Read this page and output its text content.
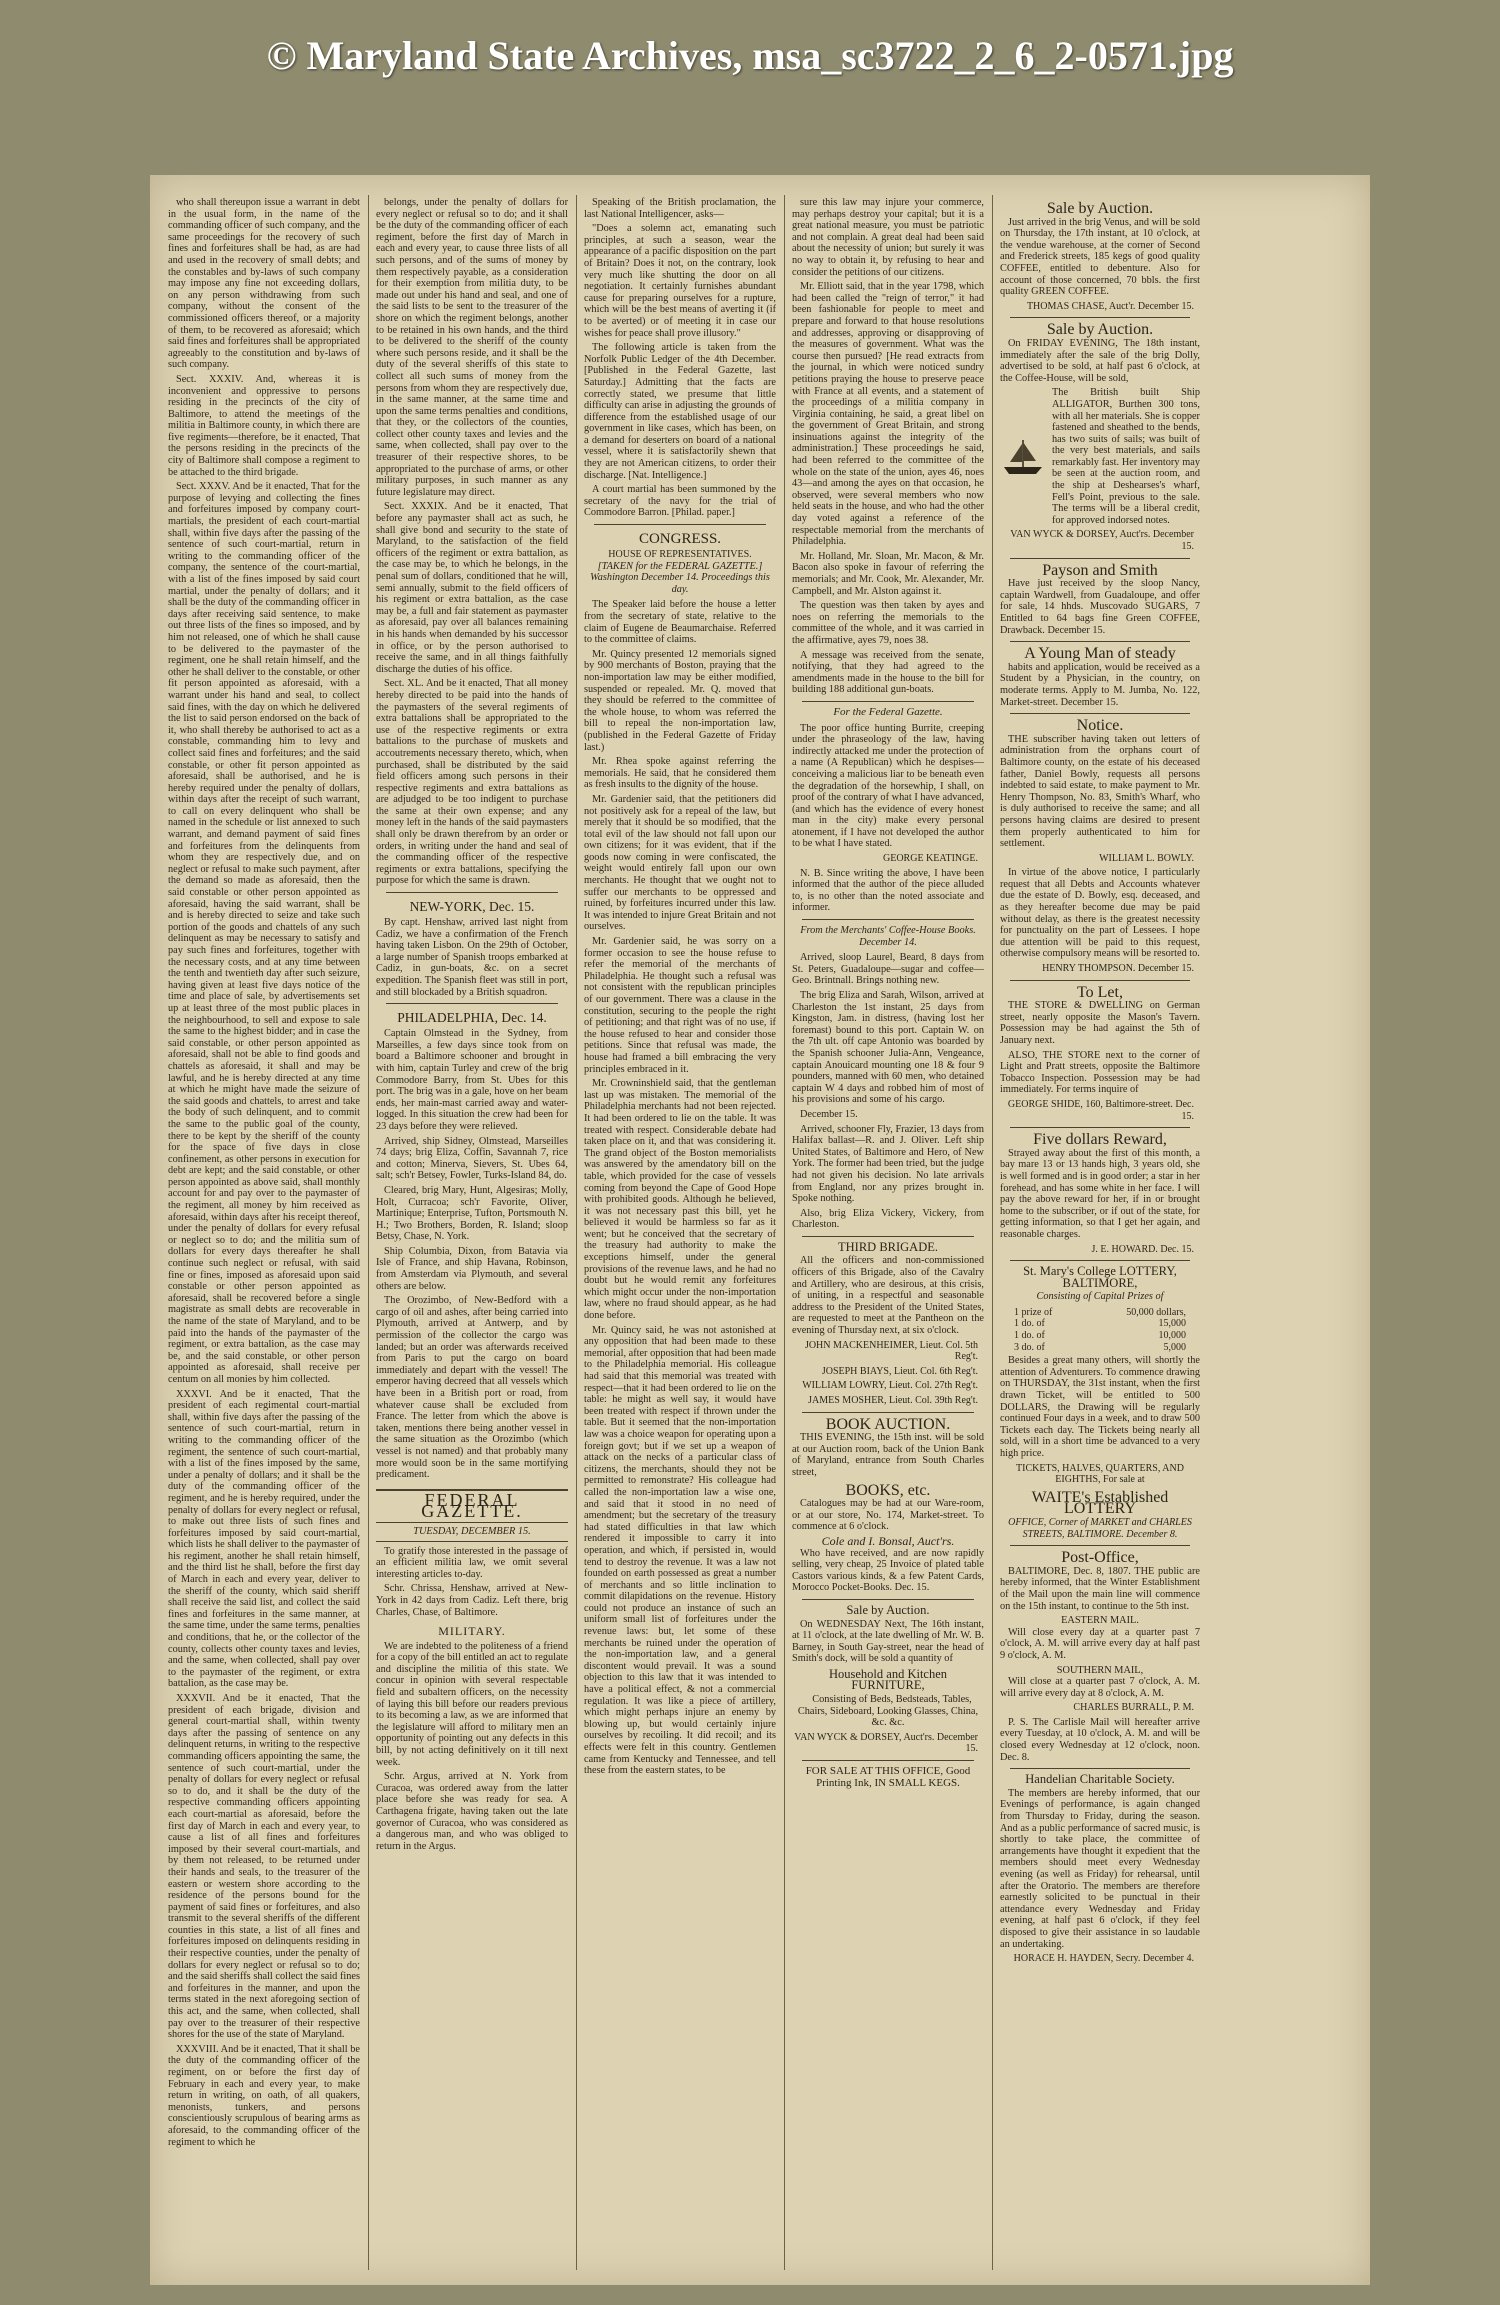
© Maryland State Archives, msa_sc3722_2_6_2-0571.jpg

who shall thereupon issue a warrant in debt in the usual form, in the name of the commanding officer of such company, and the same proceedings for the recovery of such fines and forfeitures shall be had, as are had and used in the recovery of small debts; and the constables and by-laws of such company may impose any fine not exceeding dollars, on any person withdrawing from such company, without the consent of the commissioned officers thereof, or a majority of them, to be recovered as aforesaid; which said fines and forfeitures shall be appropriated agreeably to the constitution and by-laws of such company.

Sect. XXXIV. And, whereas it is inconvenient and oppressive to persons residing in the precincts of the city of Baltimore, to attend the meetings of the militia in Baltimore county, in which there are five regiments—therefore, be it enacted, That the persons residing in the precincts of the city of Baltimore shall compose a regiment to be attached to the third brigade.

Sect. XXXV. And be it enacted, That for the purpose of levying and collecting the fines and forfeitures imposed by company court-martials, the president of each court-martial shall, within five days after the passing of the sentence of such court-martial, return in writing to the commanding officer of the company, the sentence of the court-martial, with a list of the fines imposed by said court martial, under the penalty of dollars; and it shall be the duty of the commanding officer in days after receiving said sentence, to make out three lists of the fines so imposed, and by him not released, one of which he shall cause to be delivered to the paymaster of the regiment, one he shall retain himself, and the other he shall deliver to the constable, or other fit person appointed as aforesaid, with a warrant under his hand and seal, to collect said fines, with the day on which he delivered the list to said person endorsed on the back of it, who shall thereby be authorised to act as a constable, commanding him to levy and collect said fines and forfeitures; and the said constable, or other fit person appointed as aforesaid, shall be authorised, and he is hereby required under the penalty of dollars, within days after the receipt of such warrant, to call on every delinquent who shall be named in the schedule or list annexed to such warrant, and demand payment of said fines and forfeitures from the delinquents from whom they are respectively due, and on neglect or refusal to make such payment, after the demand so made as aforesaid, then the said constable or other person appointed as aforesaid, having the said warrant, shall be and is hereby directed to seize and take such portion of the goods and chattels of any such delinquent as may be necessary to satisfy and pay such fines and forfeitures, together with the necessary costs, and at any time between the tenth and twentieth day after such seizure, having given at least five days notice of the time and place of sale, by advertisements set up at least three of the most public places in the neighbourhood, to sell and expose to sale the same to the highest bidder; and in case the said constable, or other person appointed as aforesaid, shall not be able to find goods and chattels as aforesaid, it shall and may be lawful, and he is hereby directed at any time at which he might have made the seizure of the said goods and chattels, to arrest and take the body of such delinquent, and to commit the same to the public goal of the county, there to be kept by the sheriff of the county for the space of five days in close confinement, as other persons in execution for debt are kept; and the said constable, or other person appointed as above said, shall monthly account for and pay over to the paymaster of the regiment, all money by him received as aforesaid, within days after his receipt thereof, under the penalty of dollars for every refusal or neglect so to do; and the militia sum of dollars for every days thereafter he shall continue such neglect or refusal, with said fine or fines, imposed as aforesaid upon said constable or other person appointed as aforesaid, shall be recovered before a single magistrate as small debts are recoverable in the name of the state of Maryland, and to be paid into the hands of the paymaster of the regiment, or extra battalion, as the case may be, and the said constable, or other person appointed as aforesaid, shall receive per centum on all monies by him collected.

XXXVI. And be it enacted, That the president of each regimental court-martial shall, within five days after the passing of the sentence of such court-martial, return in writing to the commanding officer of the regiment, the sentence of such court-martial, with a list of the fines imposed by the same, under a penalty of dollars; and it shall be the duty of the commanding officer of the regiment, and he is hereby required, under the penalty of dollars for every neglect or refusal, to make out three lists of such fines and forfeitures imposed by said court-martial, which lists he shall deliver to the paymaster of his regiment, another he shall retain himself, and the third list he shall, before the first day of March in each and every year, deliver to the sheriff of the county, which said sheriff shall receive the said list, and collect the said fines and forfeitures in the same manner, at the same time, under the same terms, penalties and conditions, that he, or the collector of the county, collects other county taxes and levies, and the same, when collected, shall pay over to the paymaster of the regiment, or extra battalion, as the case may be.

XXXVII. And be it enacted, That the president of each brigade, division and general court-martial shall, within twenty days after the passing of sentence on any delinquent returns, in writing to the respective commanding officers appointing the same, the sentence of such court-martial, under the penalty of dollars for every neglect or refusal so to do, and it shall be the duty of the respective commanding officers appointing each court-martial as aforesaid, before the first day of March in each and every year, to cause a list of all fines and forfeitures imposed by their several court-martials, and by them not released, to be returned under their hands and seals, to the treasurer of the eastern or western shore according to the residence of the persons bound for the payment of said fines or forfeitures, and also transmit to the several sheriffs of the different counties in this state, a list of all fines and forfeitures imposed on delinquents residing in their respective counties, under the penalty of dollars for every neglect or refusal so to do; and the said sheriffs shall collect the said fines and forfeitures in the manner, and upon the terms stated in the next aforegoing section of this act, and the same, when collected, shall pay over to the treasurer of their respective shores for the use of the state of Maryland.

XXXVIII. And be it enacted, That it shall be the duty of the commanding officer of the regiment, on or before the first day of February in each and every year, to make return in writing, on oath, of all quakers, menonists, tunkers, and persons conscientiously scrupulous of bearing arms as aforesaid, to the commanding officer of the regiment to which he

belongs, under the penalty of dollars for every neglect or refusal so to do; and it shall be the duty of the commanding officer of each regiment, before the first day of March in each and every year, to cause three lists of all such persons, and of the sums of money by them respectively payable, as a consideration for their exemption from militia duty, to be made out under his hand and seal, and one of the said lists to be sent to the treasurer of the shore on which the regiment belongs, another to be retained in his own hands, and the third to be delivered to the sheriff of the county where such persons reside, and it shall be the duty of the several sheriffs of this state to collect all such sums of money from the persons from whom they are respectively due, in the same manner, at the same time and upon the same terms penalties and conditions, that they, or the collectors of the counties, collect other county taxes and levies and the same, when collected, shall pay over to the treasurer of their respective shores, to be appropriated to the purchase of arms, or other military purposes, in such manner as any future legislature may direct.

Sect. XXXIX. And be it enacted, That before any paymaster shall act as such, he shall give bond and security to the state of Maryland, to the satisfaction of the field officers of the regiment or extra battalion, as the case may be, to which he belongs, in the penal sum of dollars, conditioned that he will, semi annually, submit to the field officers of his regiment or extra battalion, as the case may be, a full and fair statement as paymaster as aforesaid, pay over all balances remaining in his hands when demanded by his successor in office, or by the person authorised to receive the same, and in all things faithfully discharge the duties of his office.

Sect. XL. And be it enacted, That all money hereby directed to be paid into the hands of the paymasters of the several regiments of extra battalions shall be appropriated to the use of the respective regiments or extra battalions to the purchase of muskets and accoutrements necessary thereto, which, when purchased, shall be distributed by the said field officers among such persons in their respective regiments and extra battalions as are adjudged to be too indigent to purchase the same at their own expense; and any money left in the hands of the said paymasters shall only be drawn therefrom by an order or orders, in writing under the hand and seal of the commanding officer of the respective regiments or extra battalions, specifying the purpose for which the same is drawn.

NEW-YORK, Dec. 15.

By capt. Henshaw, arrived last night from Cadiz, we have a confirmation of the French having taken Lisbon. On the 29th of October, a large number of Spanish troops embarked at Cadiz, in gun-boats, &c. on a secret expedition. The Spanish fleet was still in port, and still blockaded by a British squadron.

PHILADELPHIA, Dec. 14.

Captain Olmstead in the Sydney, from Marseilles, a few days since took from on board a Baltimore schooner and brought in with him, captain Turley and crew of the brig Commodore Barry, from St. Ubes for this port. The brig was in a gale, hove on her beam ends, her main-mast carried away and water-logged. In this situation the crew had been for 23 days before they were relieved.

Arrived, ship Sidney, Olmstead, Marseilles 74 days; brig Eliza, Coffin, Savannah 7, rice and cotton; Minerva, Sievers, St. Ubes 64, salt; sch'r Betsey, Fowler, Turks-Island 84, do.

Cleared, brig Mary, Hunt, Algesiras; Molly, Holt, Curracoa; sch'r Favorite, Oliver, Martinique; Enterprise, Tufton, Portsmouth N. H.; Two Brothers, Borden, R. Island; sloop Betsy, Chase, N. York.

Ship Columbia, Dixon, from Batavia via Isle of France, and ship Havana, Robinson, from Amsterdam via Plymouth, and several others are below.

The Orozimbo, of New-Bedford with a cargo of oil and ashes, after being carried into Plymouth, arrived at Antwerp, and by permission of the collector the cargo was landed; but an order was afterwards received from Paris to put the cargo on board immediately and depart with the vessel! The emperor having decreed that all vessels which have been in a British port or road, from whatever cause shall be excluded from France. The letter from which the above is taken, mentions there being another vessel in the same situation as the Orozimbo (which vessel is not named) and that probably many more would soon be in the same mortifying predicament.

FEDERAL GAZETTE.
TUESDAY, DECEMBER 15.

To gratify those interested in the passage of an efficient militia law, we omit several interesting articles to-day.

Schr. Chrissa, Henshaw, arrived at New-York in 42 days from Cadiz. Left there, brig Charles, Chase, of Baltimore.

MILITARY.

We are indebted to the politeness of a friend for a copy of the bill entitled an act to regulate and discipline the militia of this state. We concur in opinion with several respectable field and subaltern officers, on the necessity of laying this bill before our readers previous to its becoming a law, as we are informed that the legislature will afford to military men an opportunity of pointing out any defects in this bill, by not acting definitively on it till next week.

Schr. Argus, arrived at N. York from Curacoa, was ordered away from the latter place before she was ready for sea. A Carthagena frigate, having taken out the late governor of Curacoa, who was considered as a dangerous man, and who was obliged to return in the Argus.

Speaking of the British proclamation, the last National Intelligencer, asks—

"Does a solemn act, emanating such principles, at such a season, wear the appearance of a pacific disposition on the part of Britain? Does it not, on the contrary, look very much like shutting the door on all negotiation. It certainly furnishes abundant cause for preparing ourselves for a rupture, which will be the best means of averting it (if to be averted) or of meeting it in case our wishes for peace shall prove illusory."

The following article is taken from the Norfolk Public Ledger of the 4th December. [Published in the Federal Gazette, last Saturday.] Admitting that the facts are correctly stated, we presume that little difficulty can arise in adjusting the grounds of difference from the established usage of our government in like cases, which has been, on a demand for deserters on board of a national vessel, where it is satisfactorily shewn that they are not American citizens, to order their discharge. [Nat. Intelligence.]

A court martial has been summoned by the secretary of the navy for the trial of Commodore Barron. [Philad. paper.]

CONGRESS.
HOUSE OF REPRESENTATIVES.
[TAKEN for the FEDERAL GAZETTE.] Washington December 14. Proceedings this day.

The Speaker laid before the house a letter from the secretary of state, relative to the claim of Eugene de Beaumarchaise. Referred to the committee of claims.

Mr. Quincy presented 12 memorials signed by 900 merchants of Boston, praying that the non-importation law may be either modified, suspended or repealed. Mr. Q. moved that they should be referred to the committee of the whole house, to whom was referred the bill to repeal the non-importation law, (published in the Federal Gazette of Friday last.)

Mr. Rhea spoke against referring the memorials. He said, that he considered them as fresh insults to the dignity of the house.

Mr. Gardenier said, that the petitioners did not positively ask for a repeal of the law, but merely that it should be so modified, that the total evil of the law should not fall upon our own citizens; for it was evident, that if the goods now coming in were confiscated, the weight would entirely fall upon our own merchants. He thought that we ought not to suffer our merchants to be oppressed and ruined, by forfeitures incurred under this law. It was intended to injure Great Britain and not ourselves.

Mr. Gardenier said, he was sorry on a former occasion to see the house refuse to refer the memorial of the merchants of Philadelphia. He thought such a refusal was not consistent with the republican principles of our government. There was a clause in the constitution, securing to the people the right of petitioning; and that right was of no use, if the house refused to hear and consider those petitions. Since that refusal was made, the house had framed a bill embracing the very principles embraced in it.

Mr. Crowninshield said, that the gentleman last up was mistaken. The memorial of the Philadelphia merchants had not been rejected. It had been ordered to lie on the table. It was treated with respect. Considerable debate had taken place on it, and that was considering it. The grand object of the Boston memorialists was answered by the amendatory bill on the table, which provided for the case of vessels coming from beyond the Cape of Good Hope with prohibited goods. Although he believed, it was not necessary past this bill, yet he believed it would be harmless so far as it went; but he conceived that the secretary of the treasury had authority to make the exceptions himself, under the general provisions of the revenue laws, and he had no doubt but he would remit any forfeitures which might occur under the non-importation law, where no fraud should appear, as he had done before.

Mr. Quincy said, he was not astonished at any opposition that had been made to these memorial, after opposition that had been made to the Philadelphia memorial. His colleague had said that this memorial was treated with respect—that it had been ordered to lie on the table: he might as well say, it would have been treated with respect if thrown under the table. But it seemed that the non-importation law was a choice weapon for operating upon a foreign govt; but if we set up a weapon of attack on the necks of a particular class of citizens, the merchants, should they not be permitted to remonstrate? His colleague had called the non-importation law a wise one, and said that it stood in no need of amendment; but the secretary of the treasury had stated difficulties in that law which rendered it impossible to carry it into operation, and which, if persisted in, would tend to destroy the revenue. It was a law not founded on earth possessed as great a number of merchants and so little inclination to commit dilapidations on the revenue. History could not produce an instance of such an uniform small list of forfeitures under the revenue laws: but, let some of these merchants be ruined under the operation of the non-importation law, and a general discontent would prevail. It was a sound objection to this law that it was intended to have a political effect, & not a commercial regulation. It was like a piece of artillery, which might perhaps injure an enemy by blowing up, but would certainly injure ourselves by recoiling. It did recoil; and its effects were felt in this country. Gentlemen came from Kentucky and Tennessee, and tell these from the eastern states, to be

sure this law may injure your commerce, may perhaps destroy your capital; but it is a great national measure, you must be patriotic and not complain. A great deal had been said about the necessity of union; but surely it was no way to obtain it, by refusing to hear and consider the petitions of our citizens.

Mr. Elliott said, that in the year 1798, which had been called the "reign of terror," it had been fashionable for people to meet and prepare and forward to that house resolutions and addresses, approving or disapproving of the measures of government. What was the course then pursued? [He read extracts from the journal, in which were noticed sundry petitions praying the house to preserve peace with France at all events, and a statement of the proceedings of a militia company in Virginia containing, he said, a great libel on the government of Great Britain, and strong insinuations against the integrity of the administration.] These proceedings he said, had been referred to the committee of the whole on the state of the union, ayes 46, noes 43—and among the ayes on that occasion, he observed, were several members who now held seats in the house, and who had the other day voted against a reference of the respectable memorial from the merchants of Philadelphia.

Mr. Holland, Mr. Sloan, Mr. Macon, & Mr. Bacon also spoke in favour of referring the memorials; and Mr. Cook, Mr. Alexander, Mr. Campbell, and Mr. Alston against it.

The question was then taken by ayes and noes on referring the memorials to the committee of the whole, and it was carried in the affirmative, ayes 79, noes 38.

A message was received from the senate, notifying, that they had agreed to the amendments made in the house to the bill for building 188 additional gun-boats.

For the Federal Gazette.

The poor office hunting Burrite, creeping under the phraseology of the law, having indirectly attacked me under the protection of a name (A Republican) which he despises—conceiving a malicious liar to be beneath even the degradation of the horsewhip, I shall, on proof of the contrary of what I have advanced, (and which has the evidence of every honest man in the city) make every personal atonement, if I have not developed the author to be what I have stated.

GEORGE KEATINGE.

N. B. Since writing the above, I have been informed that the author of the piece alluded to, is no other than the noted associate and informer.

From the Merchants' Coffee-House Books. December 14.

Arrived, sloop Laurel, Beard, 8 days from St. Peters, Guadaloupe—sugar and coffee—Geo. Brintnall. Brings nothing new.

The brig Eliza and Sarah, Wilson, arrived at Charleston the 1st instant, 25 days from Kingston, Jam. in distress, (having lost her foremast) bound to this port. Captain W. on the 7th ult. off cape Antonio was boarded by the Spanish schooner Julia-Ann, Vengeance, captain Anouicard mounting one 18 & four 9 pounders, manned with 60 men, who detained captain W 4 days and robbed him of most of his provisions and some of his cargo.

December 15.

Arrived, schooner Fly, Frazier, 13 days from Halifax ballast—R. and J. Oliver. Left ship United States, of Baltimore and Hero, of New York. The former had been tried, but the judge had not given his decision. No late arrivals from England, nor any prizes brought in. Spoke nothing.

Also, brig Eliza Vickery, Vickery, from Charleston.

THIRD BRIGADE.

All the officers and non-commissioned officers of this Brigade, also of the Cavalry and Artillery, who are desirous, at this crisis, of uniting, in a respectful and seasonable address to the President of the United States, are requested to meet at the Pantheon on the evening of Thursday next, at six o'clock.

JOHN MACKENHEIMER, Lieut. Col. 5th Reg't.
JOSEPH BIAYS, Lieut. Col. 6th Reg't.
WILLIAM LOWRY, Lieut. Col. 27th Reg't.
JAMES MOSHER, Lieut. Col. 39th Reg't.
BOOK AUCTION.

THIS EVENING, the 15th inst. will be sold at our Auction room, back of the Union Bank of Maryland, entrance from South Charles street,

BOOKS, etc.

Catalogues may be had at our Ware-room, or at our store, No. 174, Market-street. To commence at 6 o'clock.

Cole and I. Bonsal, Auct'rs.

Who have received, and are now rapidly selling, very cheap, 25 Invoice of plated table Castors various kinds, & a few Patent Cards, Morocco Pocket-Books. Dec. 15.

Sale by Auction.

On WEDNESDAY Next, The 16th instant, at 11 o'clock, at the late dwelling of Mr. W. B. Barney, in South Gay-street, near the head of Smith's dock, will be sold a quantity of

Household and Kitchen FURNITURE,

Consisting of Beds, Bedsteads, Tables, Chairs, Sideboard, Looking Glasses, China, &c. &c.

VAN WYCK & DORSEY, Auct'rs. December 15.
FOR SALE AT THIS OFFICE, Good Printing Ink, IN SMALL KEGS.
Sale by Auction.

Just arrived in the brig Venus, and will be sold on Thursday, the 17th instant, at 10 o'clock, at the vendue warehouse, at the corner of Second and Frederick streets, 185 kegs of good quality COFFEE, entitled to debenture. Also for account of those concerned, 70 bbls. the first quality GREEN COFFEE.

THOMAS CHASE, Auct'r. December 15.
Sale by Auction.

On FRIDAY EVENING, The 18th instant, immediately after the sale of the brig Dolly, advertised to be sold, at half past 6 o'clock, at the Coffee-House, will be sold,

The British built Ship ALLIGATOR, Burthen 300 tons, with all her materials. She is copper fastened and sheathed to the bends, has two suits of sails; was built of the very best materials, and sails remarkably fast. Her inventory may be seen at the auction room, and the ship at Deshearses's wharf, Fell's Point, previous to the sale. The terms will be a liberal credit, for approved indorsed notes.

VAN WYCK & DORSEY, Auct'rs. December 15.
Payson and Smith

Have just received by the sloop Nancy, captain Wardwell, from Guadaloupe, and offer for sale, 14 hhds. Muscovado SUGARS, 7 Entitled to 64 bags fine Green COFFEE, Drawback. December 15.

A Young Man of steady

habits and application, would be received as a Student by a Physician, in the country, on moderate terms. Apply to M. Jumba, No. 122, Market-street. December 15.

Notice.

THE subscriber having taken out letters of administration from the orphans court of Baltimore county, on the estate of his deceased father, Daniel Bowly, requests all persons indebted to said estate, to make payment to Mr. Henry Thompson, No. 83, Smith's Wharf, who is duly authorised to receive the same; and all persons having claims are desired to present them properly authenticated to him for settlement.

WILLIAM L. BOWLY.

In virtue of the above notice, I particularly request that all Debts and Accounts whatever due the estate of D. Bowly, esq. deceased, and as they hereafter become due may be paid without delay, as there is the greatest necessity for punctuality on the part of Lessees. I hope due attention will be paid to this request, otherwise compulsory means will be resorted to.

HENRY THOMPSON. December 15.
To Let,

THE STORE & DWELLING on German street, nearly opposite the Mason's Tavern. Possession may be had against the 5th of January next.

ALSO, THE STORE next to the corner of Light and Pratt streets, opposite the Baltimore Tobacco Inspection. Possession may be had immediately. For terms inquire of

GEORGE SHIDE, 160, Baltimore-street. Dec. 15.
Five dollars Reward,

Strayed away about the first of this month, a bay mare 13 or 13 hands high, 3 years old, she is well formed and is in good order; a star in her forehead, and has some white in her face. I will pay the above reward for her, if in or brought home to the subscriber, or if out of the state, for getting information, so that I get her again, and reasonable charges.

J. E. HOWARD. Dec. 15.
St. Mary's College LOTTERY, BALTIMORE,
Consisting of Capital Prizes of
1 prize of	50,000 dollars,
1 do. of	15,000
1 do. of	10,000
3 do. of	5,000

Besides a great many others, will shortly the attention of Adventurers. To commence drawing on THURSDAY, the 31st instant, when the first drawn Ticket, will be entitled to 500 DOLLARS, the Drawing will be regularly continued Four days in a week, and to draw 500 Tickets each day. The Tickets being nearly all sold, will in a short time be advanced to a very high price.

TICKETS, HALVES, QUARTERS, AND EIGHTHS, For sale at
WAITE's Established LOTTERY
OFFICE, Corner of MARKET and CHARLES STREETS, BALTIMORE. December 8.
Post-Office,

BALTIMORE, Dec. 8, 1807. THE public are hereby informed, that the Winter Establishment of the Mail upon the main line will commence on the 15th instant, to continue to the 5th inst.

EASTERN MAIL.

Will close every day at a quarter past 7 o'clock, A. M. will arrive every day at half past 9 o'clock, A. M.

SOUTHERN MAIL,

Will close at a quarter past 7 o'clock, A. M. will arrive every day at 8 o'clock, A. M.

CHARLES BURRALL, P. M.

P. S. The Carlisle Mail will hereafter arrive every Tuesday, at 10 o'clock, A. M. and will be closed every Wednesday at 12 o'clock, noon. Dec. 8.

Handelian Charitable Society.

The members are hereby informed, that our Evenings of performance, is again changed from Thursday to Friday, during the season. And as a public performance of sacred music, is shortly to take place, the committee of arrangements have thought it expedient that the members should meet every Wednesday evening (as well as Friday) for rehearsal, until after the Oratorio. The members are therefore earnestly solicited to be punctual in their attendance every Wednesday and Friday evening, at half past 6 o'clock, if they feel disposed to give their assistance in so laudable an undertaking.

HORACE H. HAYDEN, Secry. December 4.
